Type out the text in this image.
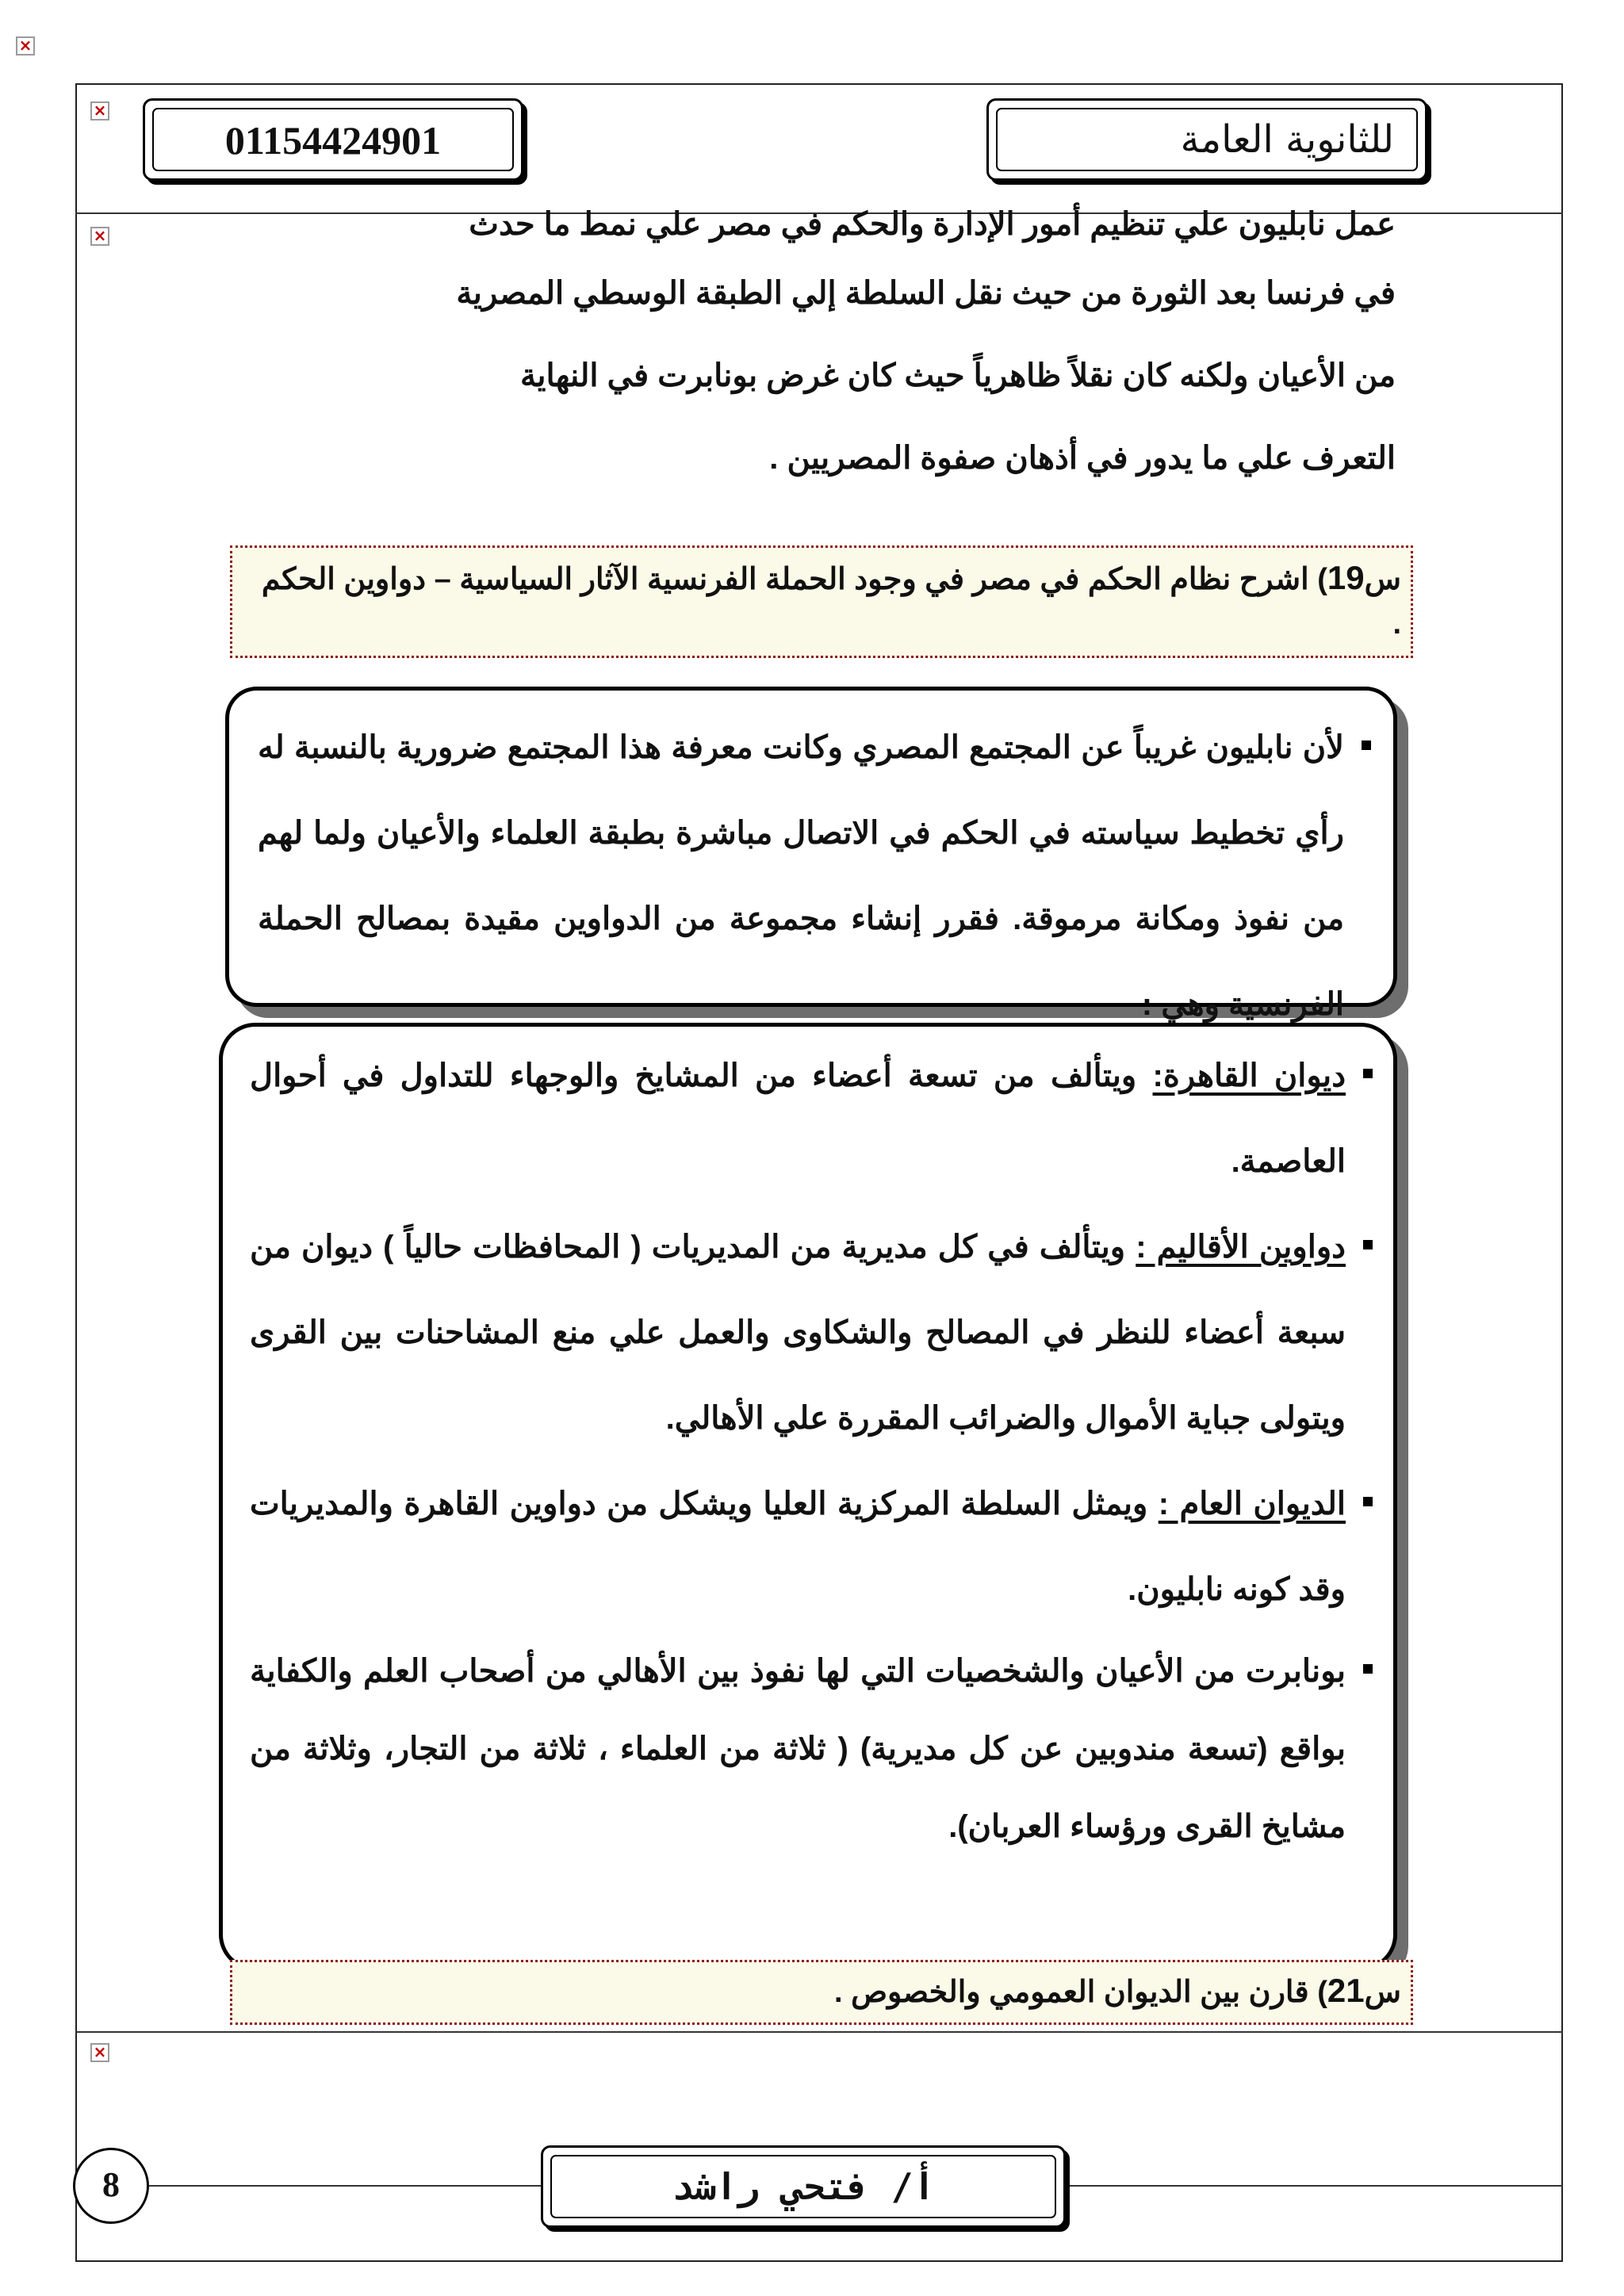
×
×
×
×
01154424901	للثانوية العامة
عمل نابليون علي تنظيم أمور الإدارة والحكم في مصر علي نمط ما حدث
في فرنسا بعد الثورة من حيث نقل السلطة إلي الطبقة الوسطي المصرية
من الأعيان ولكنه كان نقلاً ظاهرياً حيث كان غرض بونابرت في النهاية
التعرف علي ما يدور في أذهان صفوة المصريين .
س19) اشرح نظام الحكم في مصر في وجود الحملة الفرنسية الآثار السياسية – دواوين الحكم .
لأن نابليون غريباً عن المجتمع المصري وكانت معرفة هذا المجتمع ضرورية بالنسبة له رأي تخطيط سياسته في الحكم في الاتصال مباشرة بطبقة العلماء والأعيان ولما لهم من نفوذ ومكانة مرموقة. فقرر إنشاء مجموعة من الدواوين مقيدة بمصالح الحملة الفرنسية وهي :
ديوان القاهرة: ويتألف من تسعة أعضاء من المشايخ والوجهاء للتداول في أحوال العاصمة.
دواوين الأقاليم : ويتألف في كل مديرية من المديريات ( المحافظات حالياً ) ديوان من سبعة أعضاء للنظر في المصالح والشكاوى والعمل علي منع المشاحنات بين القرى ويتولى جباية الأموال والضرائب المقررة علي الأهالي.
الديوان العام : ويمثل السلطة المركزية العليا ويشكل من دواوين القاهرة والمديريات وقد كونه نابليون.
بونابرت من الأعيان والشخصيات التي لها نفوذ بين الأهالي من أصحاب العلم والكفاية بواقع (تسعة مندوبين عن كل مديرية) ( ثلاثة من العلماء ، ثلاثة من التجار، وثلاثة من مشايخ القرى ورؤساء العربان).
س21) قارن بين الديوان العمومي والخصوص .
8	أ/ فتحي راشد
